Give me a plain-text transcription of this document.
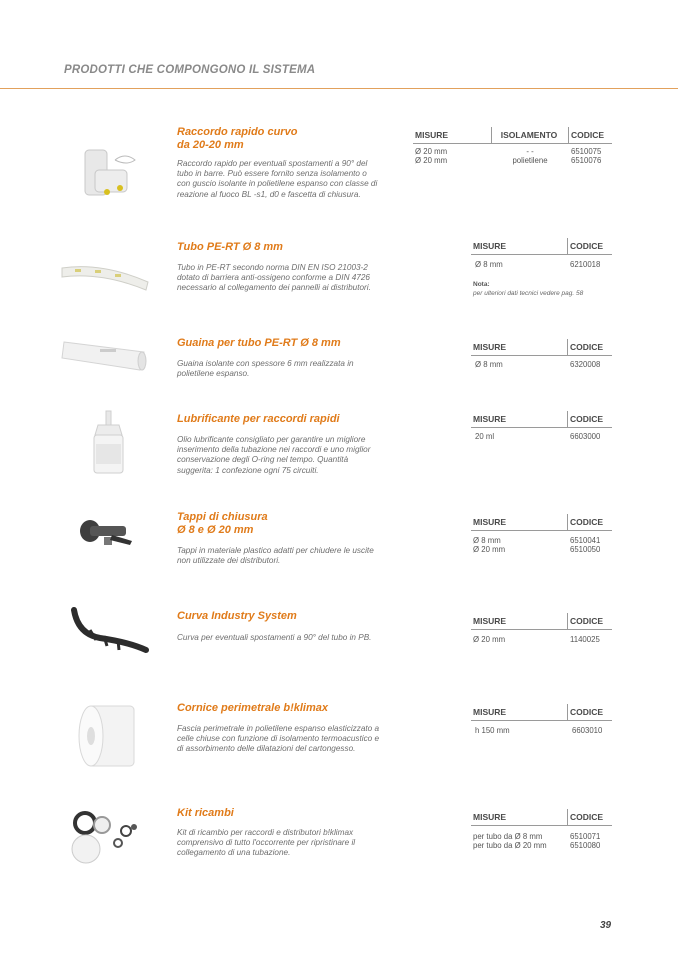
PRODOTTI CHE COMPONGONO IL SISTEMA
Raccordo rapido curvo
da 20-20 mm
Raccordo rapido per eventuali spostamenti a 90° del tubo in barre. Può essere fornito senza isolamento o con guscio isolante in polietilene espanso con classe di reazione al fuoco BL -s1, d0 e fascetta di chiusura.
MISURE	ISOLAMENTO	CODICE
Ø 20 mm	- -	6510075
Ø 20 mm	polietilene	6510076
Tubo PE-RT Ø 8 mm
Tubo in PE-RT secondo norma DIN EN ISO 21003-2 dotato di barriera anti-ossigeno conforme a DIN 4726 necessario al collegamento dei pannelli ai distributori.
MISURE	CODICE
Ø 8 mm	6210018
Nota:
per ulteriori dati tecnici vedere pag. 58
Guaina per tubo PE-RT Ø 8 mm
Guaina isolante con spessore 6 mm realizzata in polietilene espanso.
MISURE	CODICE
Ø 8 mm	6320008
Lubrificante per raccordi rapidi
Olio lubrificante consigliato per garantire un migliore inserimento della tubazione nei raccordi e uno miglior conservazione degli O-ring nel tempo. Quantità suggerita: 1 confezione ogni 75 circuiti.
MISURE	CODICE
20 ml	6603000
Tappi di chiusura
Ø 8 e Ø 20 mm
Tappi in materiale plastico adatti per chiudere le uscite non utilizzate dei distributori.
MISURE	CODICE
Ø 8 mm	6510041
Ø 20 mm	6510050
Curva Industry System
Curva per eventuali spostamenti a 90° del tubo in PB.
MISURE	CODICE
Ø 20 mm	1140025
Cornice perimetrale b!klimax
Fascia perimetrale in polietilene espanso elasticizzato a celle chiuse con funzione di isolamento termoacustico e di assorbimento delle dilatazioni del cartongesso.
MISURE	CODICE
h 150 mm	6603010
Kit ricambi
Kit di ricambio per raccordi e distributori b!klimax comprensivo di tutto l'occorrente per ripristinare il collegamento di una tubazione.
MISURE	CODICE
per tubo da Ø 8 mm	6510071
per tubo da Ø 20 mm	6510080
39
